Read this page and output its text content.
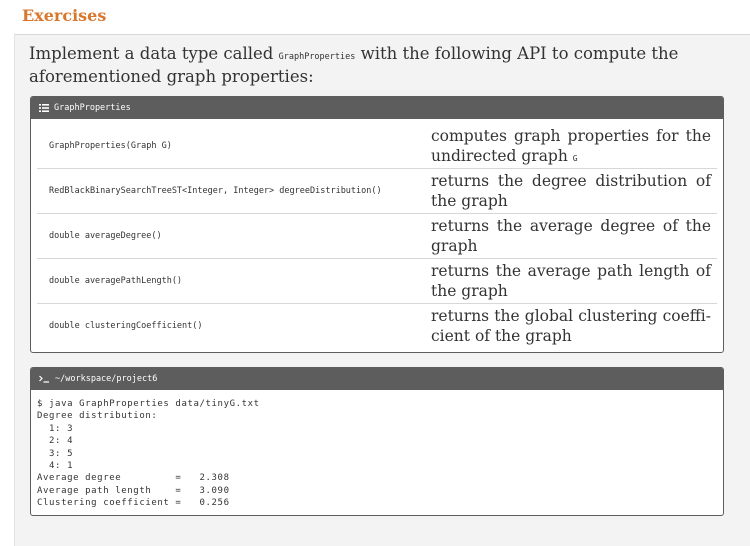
Exercises
Implement a data type called GraphProperties with the following API to compute the aforementioned graph properties:
GraphProperties
GraphProperties(Graph G)
computes graph properties for the undirected graph G
RedBlackBinarySearchTreeST<Integer, Integer> degreeDistribution()
returns the degree distribution of the graph
double averageDegree()
returns the average degree of the graph
double averagePathLength()
returns the average path length of the graph
double clusteringCoefficient()
returns the global clustering coeffi- cient of the graph
~/workspace/project6
$ java GraphProperties data/tinyG.txt
Degree distribution:
1: 3
2: 4
3: 5
4: 1
Average degree         =   2.308
Average path length    =   3.090
Clustering coefficient =   0.256
